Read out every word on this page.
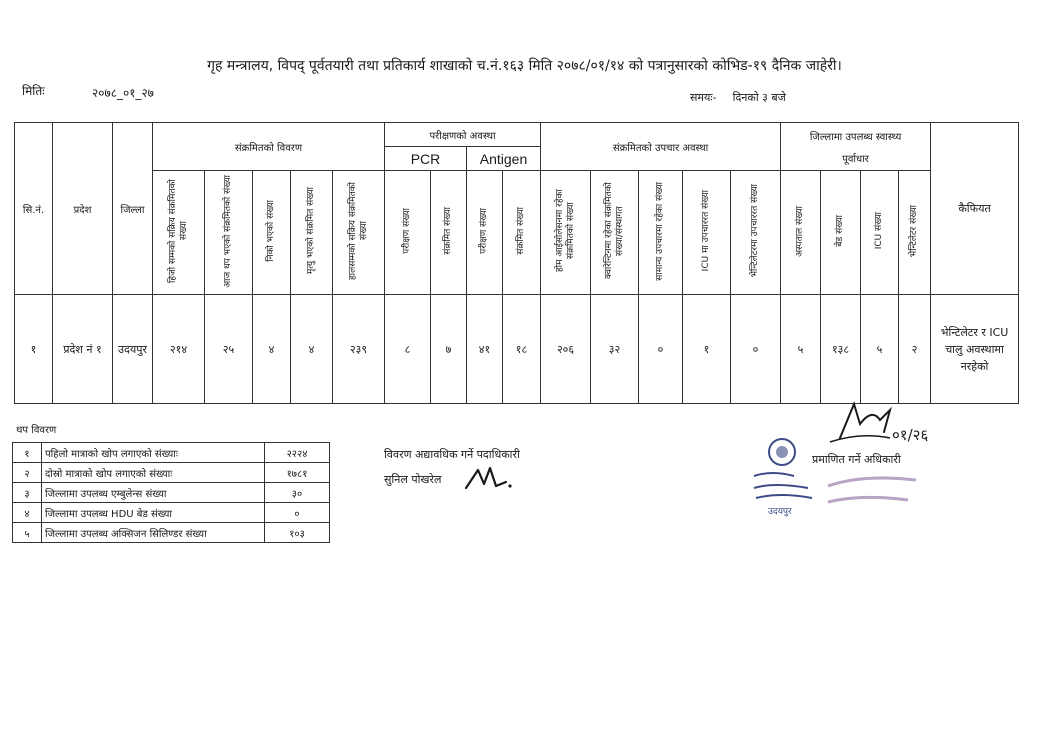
गृह मन्त्रालय, विपद् पूर्वतयारी तथा प्रतिकार्य शाखाको च.नं.१६३ मिति २०७८/०१/१४ को पत्रानुसारको कोभिड-१९ दैनिक जाहेरी।
मितिः	२०७८_०१_२७	समयः- दिनको ३ बजे
सि.नं.	प्रदेश	जिल्ला	संक्रमितको विवरण					परीक्षणको अवस्था				संक्रमितको उपचार अवस्था					जिल्लामा उपलब्ध स्वास्थ्य
पूर्वाधार				कैफियत
								PCR		Antigen											
			हिजो सम्मको सक्रिय संक्रमितको संख्या	आज थप भएको संक्रमितको संख्या	निको भएको संख्या	मृत्यु भएको संक्रमित संख्या	हालसम्मको सक्रिय संक्रमितको संख्या	परीक्षण संख्या	संक्रमित संख्या	परीक्षण संख्या	संक्रमित संख्या	होम आईसोलेसनमा रहेका संक्रमितको संख्या	क्वारेन्टिनमा रहेका संक्रमितको संख्या/संस्थागत	सामान्य उपचारमा रहेका संख्या	ICU मा उपचाररत संख्या	भेन्टिलेटरमा उपचाररत संख्या	अस्पताल संख्या	बेड संख्या	ICU संख्या	भेन्टिलेटर संख्या	
१	प्रदेश नं १	उदयपुर	२१४	२५	४	४	२३९	८	७	४१	१८	२०६	३२	०	१	०	५	१३८	५	२	भेन्टिलेटर र ICU चालु अवस्थामा नरहेको
थप विवरण
१	पहिलो मात्राको खोप लगाएको संख्याः	२२२४
२	दोस्रो मात्राको खोप लगाएको संख्याः	१७८१
३	जिल्लामा उपलब्ध एम्बुलेन्स संख्या	३०
४	जिल्लामा उपलब्ध HDU बेड संख्या	०
५	जिल्लामा उपलब्ध अक्सिजन सिलिण्डर संख्या	१०३
विवरण अद्यावधिक गर्ने पदाधिकारी
सुनिल पोखरेल
उदयपुर
०१/२६
प्रमाणित गर्ने अधिकारी
